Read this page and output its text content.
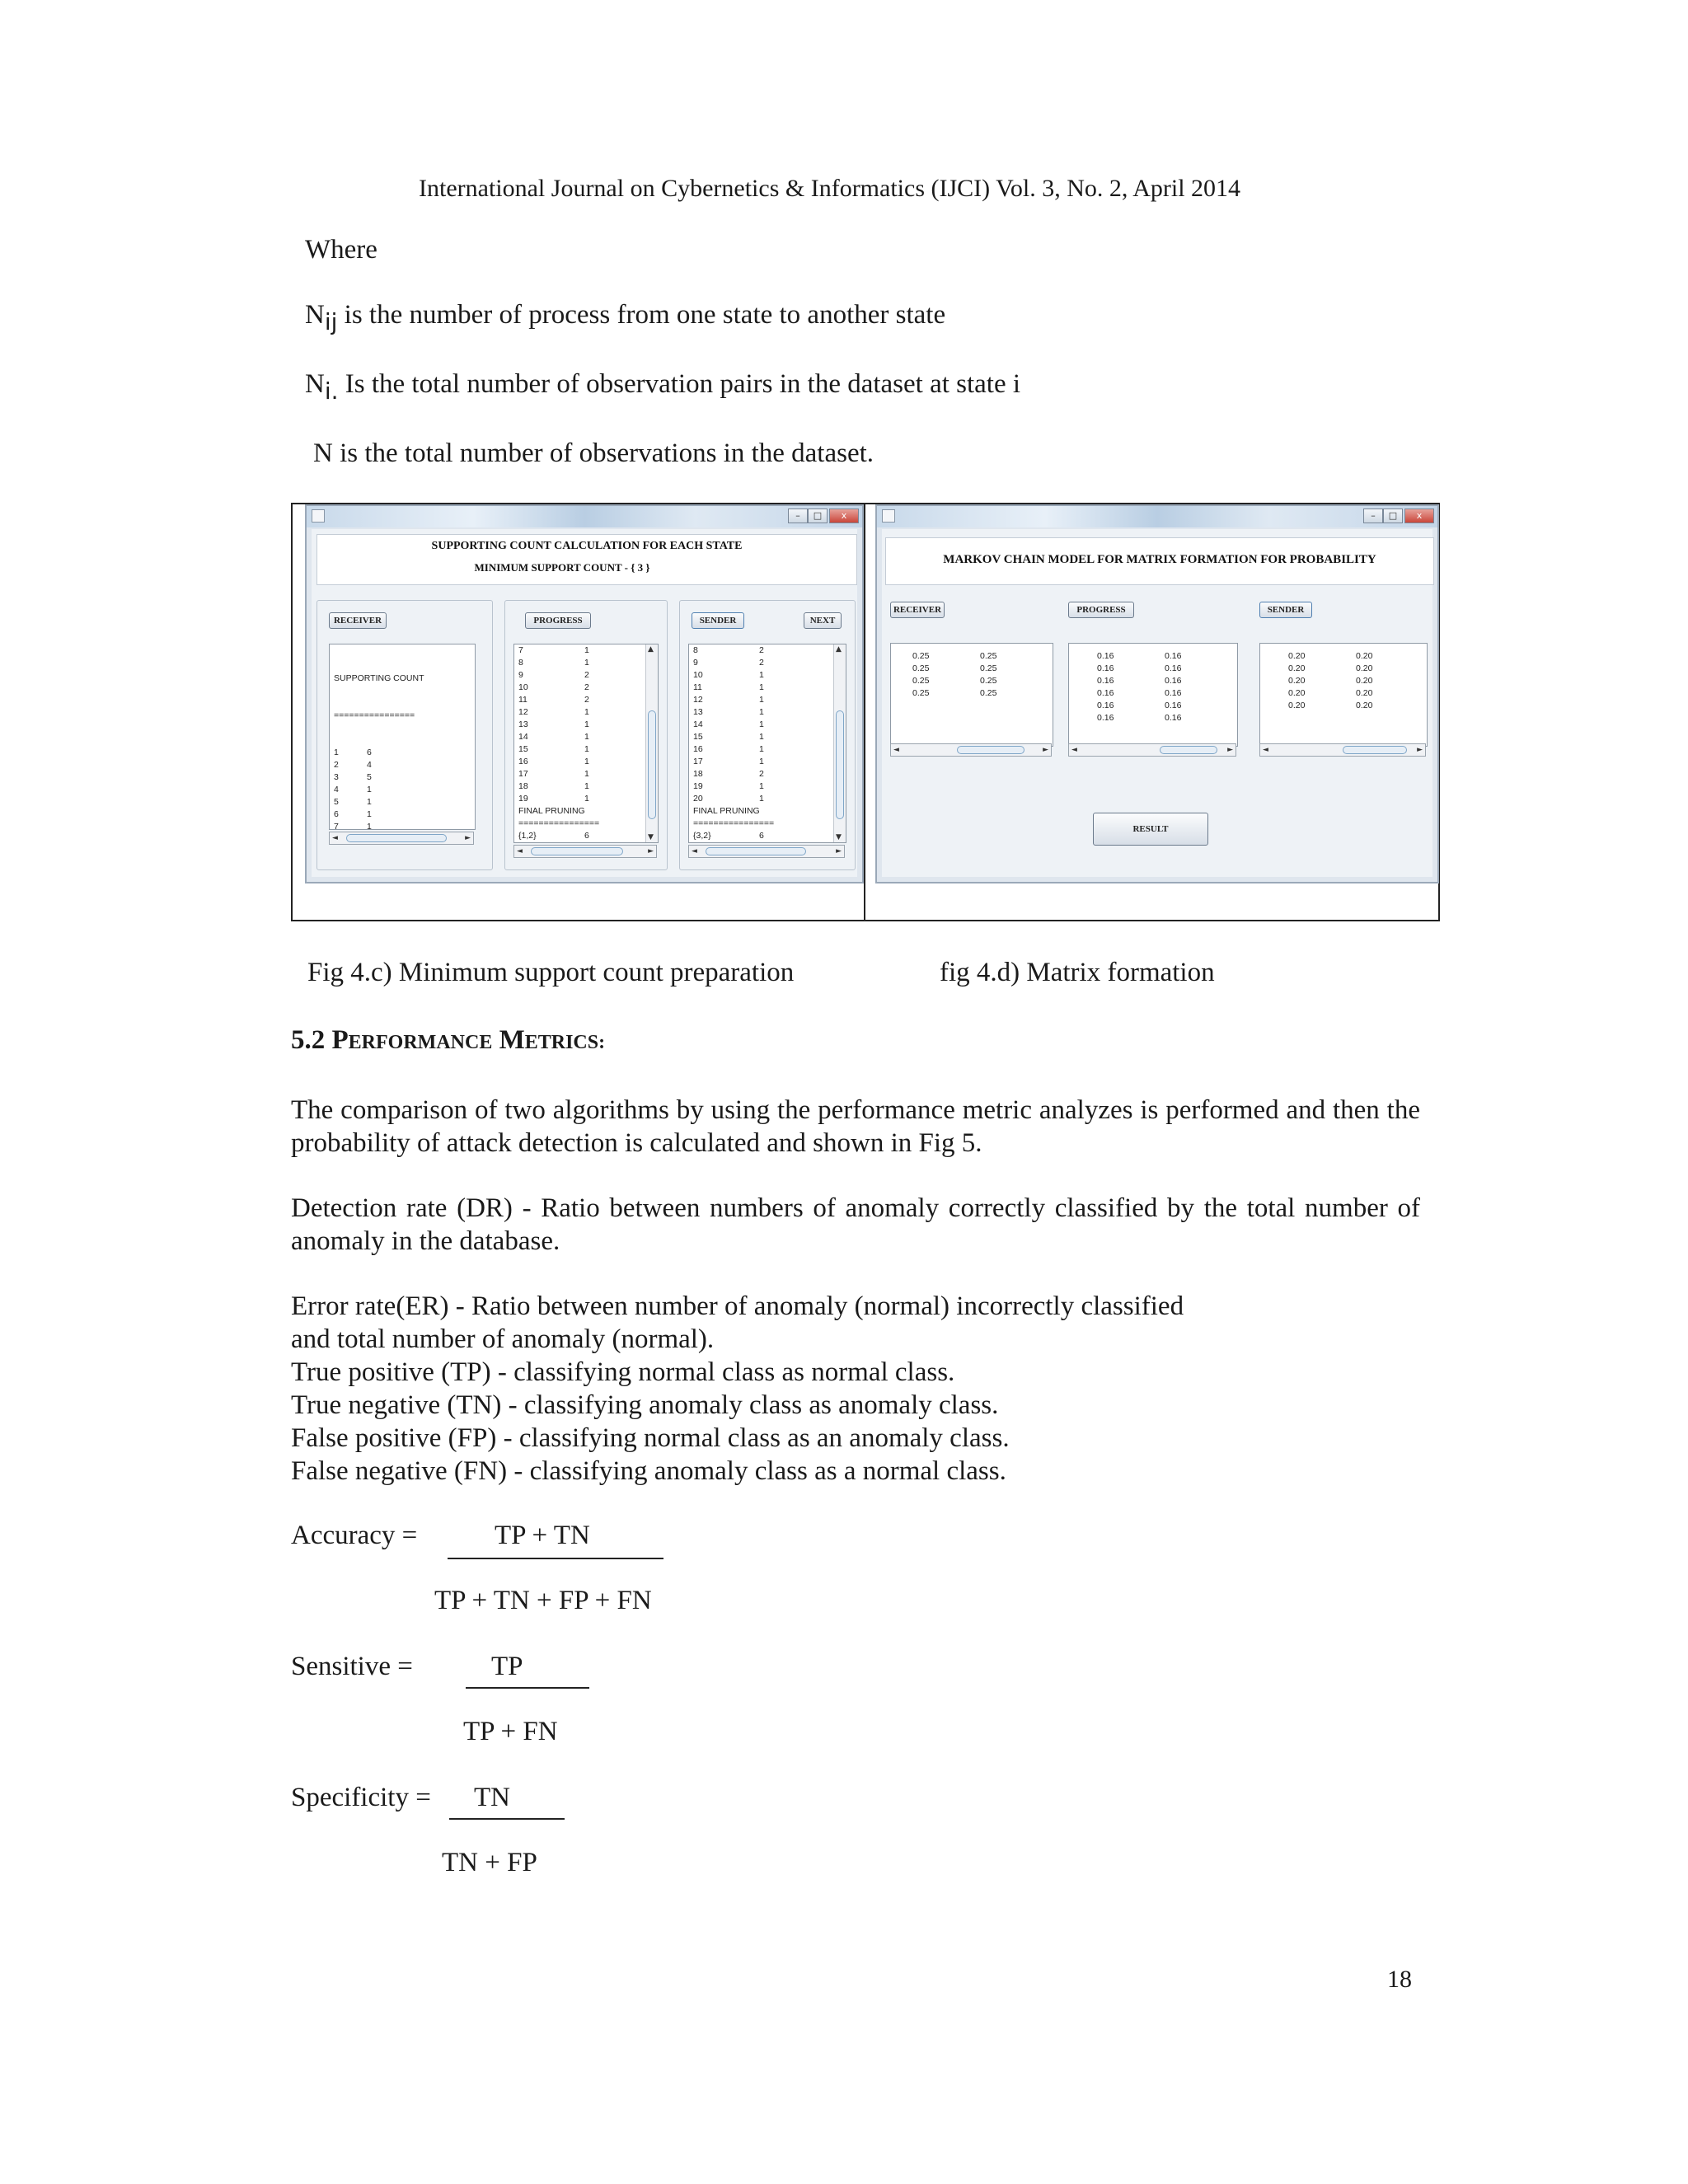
International Journal on Cybernetics & Informatics (IJCI) Vol. 3, No. 2, April 2014
Where
$N_{ij}$ is the number of process from one state to another state
$N_{i.}$ Is the total number of observation pairs in the dataset at state i
N is the total number of observations in the dataset.
–	□	x
SUPPORTING COUNT CALCULATION FOR EACH STATE
MINIMUM SUPPORT COUNT - { 3 }
RECEIVER

SUPPORTING COUNT

================

1	6
2	4
3	5
4	1
5	1
6	1
7	1
◄	►
PROGRESS
7	1
8	1
9	2
10	2
11	2
12	1
13	1
14	1
15	1
16	1
17	1
18	1
19	1
FINAL PRUNING
================
{1,2}	6
▲
▼
◄	►
SENDER	NEXT
8	2
9	2
10	1
11	1
12	1
13	1
14	1
15	1
16	1
17	1
18	2
19	1
20	1
FINAL PRUNING
================
{3,2}	6
▲
▼
◄	►
–	□	x
MARKOV CHAIN MODEL FOR MATRIX FORMATION FOR PROBABILITY
RECEIVER	PROGRESS	SENDER
0.25	0.25
0.25	0.25
0.25	0.25
0.25	0.25
◄	►
0.16	0.16
0.16	0.16
0.16	0.16
0.16	0.16
0.16	0.16
0.16	0.16
◄	►
0.20	0.20
0.20	0.20
0.20	0.20
0.20	0.20
0.20	0.20
◄	►
RESULT
Fig 4.c) Minimum support count preparation	fig 4.d) Matrix formation
5.2 PERFORMANCE METRICS:
The comparison of two algorithms by using the performance metric analyzes is performed and then the probability of attack detection is calculated and shown in Fig 5.
Detection rate (DR) - Ratio between numbers of anomaly correctly classified by the total number of anomaly in the database.
Error rate(ER) - Ratio between number of anomaly (normal) incorrectly classified
and total number of anomaly (normal).
True positive (TP) - classifying normal class as normal class.
True negative (TN) - classifying anomaly class as anomaly class.
False positive (FP) - classifying normal class as an anomaly class.
False negative (FN) - classifying anomaly class as a normal class.
Accuracy =	TP + TN
TP + TN + FP + FN
Sensitive =	TP
TP + FN
Specificity = TN
TN + FP
18
